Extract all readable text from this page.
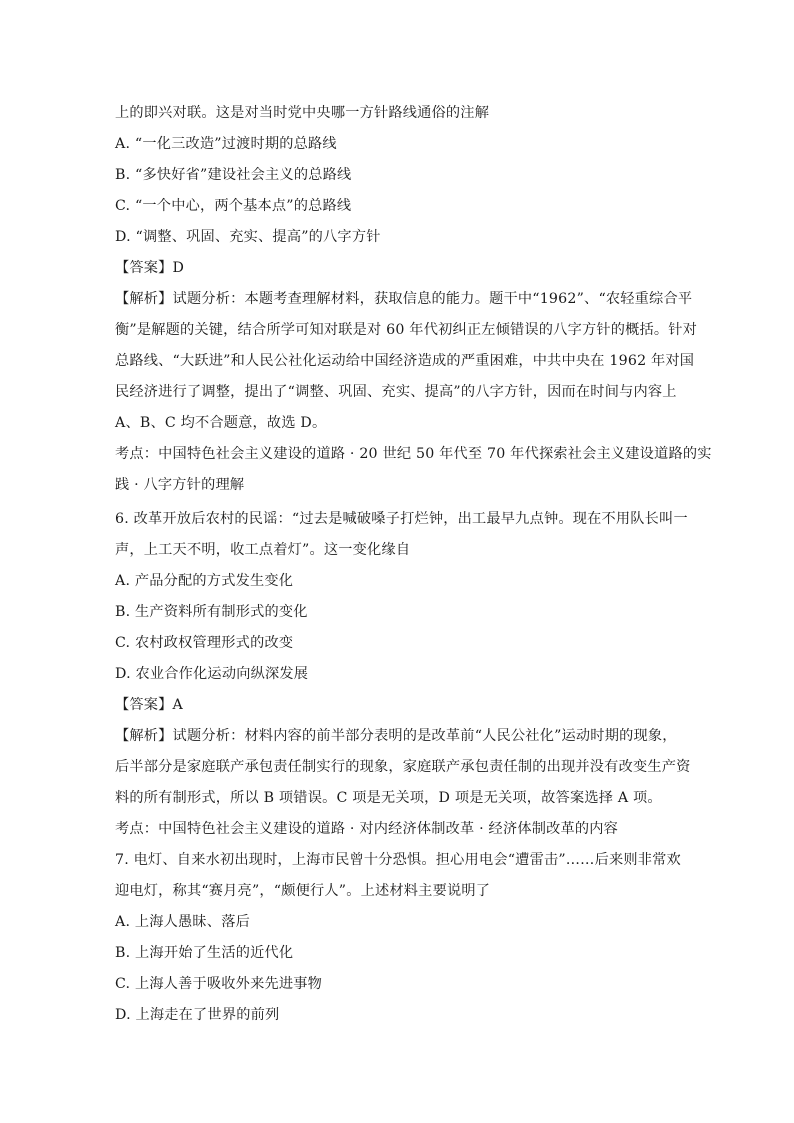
上的即兴对联。这是对当时党中央哪一方针路线通俗的注解
A. “一化三改造”过渡时期的总路线
B. “多快好省”建设社会主义的总路线
C. “一个中心，两个基本点”的总路线
D. “调整、巩固、充实、提高”的八字方针
【答案】D
【解析】试题分析：本题考查理解材料，获取信息的能力。题干中“1962”、“农轻重综合平
衡”是解题的关键，结合所学可知对联是对 60 年代初纠正左倾错误的八字方针的概括。针对
总路线、“大跃进”和人民公社化运动给中国经济造成的严重困难，中共中央在 1962 年对国
民经济进行了调整，提出了“调整、巩固、充实、提高”的八字方针，因而在时间与内容上
A、B、C 均不合题意，故选 D。
考点：中国特色社会主义建设的道路 · 20 世纪 50 年代至 70 年代探索社会主义建设道路的实
践 · 八字方针的理解
6. 改革开放后农村的民谣：“过去是喊破嗓子打烂钟，出工最早九点钟。现在不用队长叫一
声，上工天不明，收工点着灯”。这一变化缘自
A. 产品分配的方式发生变化
B. 生产资料所有制形式的变化
C. 农村政权管理形式的改变
D. 农业合作化运动向纵深发展
【答案】A
【解析】试题分析：材料内容的前半部分表明的是改革前“人民公社化”运动时期的现象，
后半部分是家庭联产承包责任制实行的现象，家庭联产承包责任制的出现并没有改变生产资
料的所有制形式，所以 B 项错误。C 项是无关项，D 项是无关项，故答案选择 A 项。
考点：中国特色社会主义建设的道路 · 对内经济体制改革 · 经济体制改革的内容
7. 电灯、自来水初出现时，上海市民曾十分恐惧。担心用电会“遭雷击”……后来则非常欢
迎电灯，称其“赛月亮”，“颇便行人”。上述材料主要说明了
A. 上海人愚昧、落后
B. 上海开始了生活的近代化
C. 上海人善于吸收外来先进事物
D. 上海走在了世界的前列
